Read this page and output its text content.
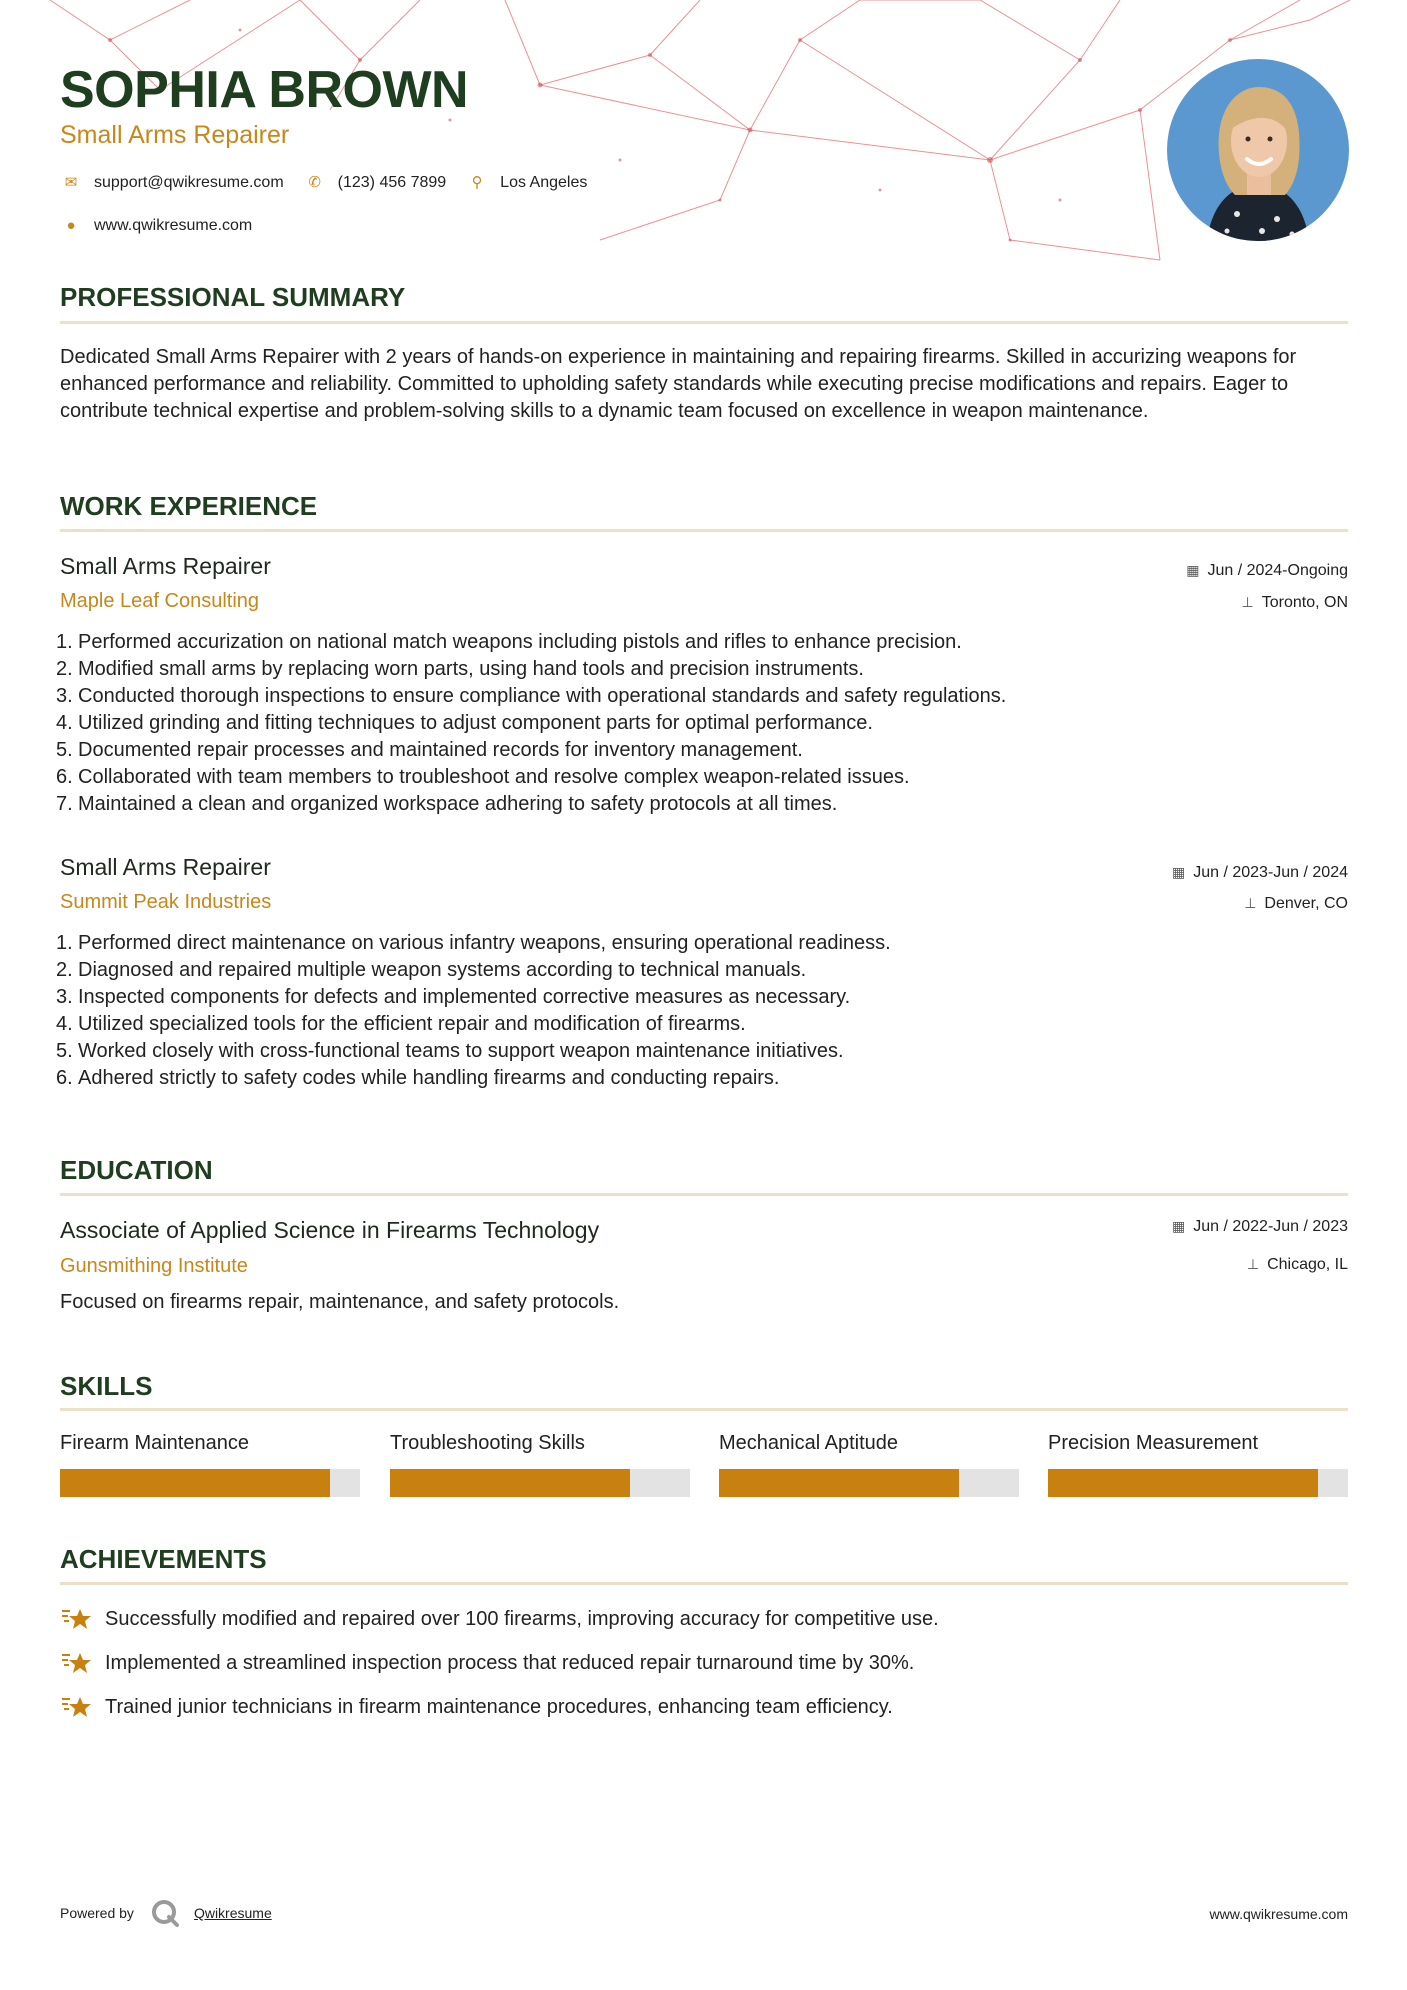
SOPHIA BROWN
Small Arms Repairer
✉ support@qwikresume.com	✆ (123) 456 7899	⚲	Los Angeles
●	www.qwikresume.com
PROFESSIONAL SUMMARY

Dedicated Small Arms Repairer with 2 years of hands-on experience in maintaining and repairing firearms. Skilled in accurizing weapons for enhanced performance and reliability. Committed to upholding safety standards while executing precise modifications and repairs. Eager to contribute technical expertise and problem-solving skills to a dynamic team focused on excellence in weapon maintenance.

WORK EXPERIENCE
Small Arms Repairer
Maple Leaf Consulting
▦ Jun / 2024-Ongoing
⊥ Toronto, ON
1. Performed accurization on national match weapons including pistols and rifles to enhance precision.
2. Modified small arms by replacing worn parts, using hand tools and precision instruments.
3. Conducted thorough inspections to ensure compliance with operational standards and safety regulations.
4. Utilized grinding and fitting techniques to adjust component parts for optimal performance.
5. Documented repair processes and maintained records for inventory management.
6. Collaborated with team members to troubleshoot and resolve complex weapon-related issues.
7. Maintained a clean and organized workspace adhering to safety protocols at all times.
Small Arms Repairer
Summit Peak Industries
▦ Jun / 2023-Jun / 2024
⊥ Denver, CO
1. Performed direct maintenance on various infantry weapons, ensuring operational readiness.
2. Diagnosed and repaired multiple weapon systems according to technical manuals.
3. Inspected components for defects and implemented corrective measures as necessary.
4. Utilized specialized tools for the efficient repair and modification of firearms.
5. Worked closely with cross-functional teams to support weapon maintenance initiatives.
6. Adhered strictly to safety codes while handling firearms and conducting repairs.
EDUCATION
Associate of Applied Science in Firearms Technology
Gunsmithing Institute
▦ Jun / 2022-Jun / 2023
⊥ Chicago, IL

Focused on firearms repair, maintenance, and safety protocols.

SKILLS
Firearm Maintenance	Troubleshooting Skills	Mechanical Aptitude	Precision Measurement
ACHIEVEMENTS
Successfully modified and repaired over 100 firearms, improving accuracy for competitive use.
Implemented a streamlined inspection process that reduced repair turnaround time by 30%.
Trained junior technicians in firearm maintenance procedures, enhancing team efficiency.
Powered by	Qwikresume	www.qwikresume.com
